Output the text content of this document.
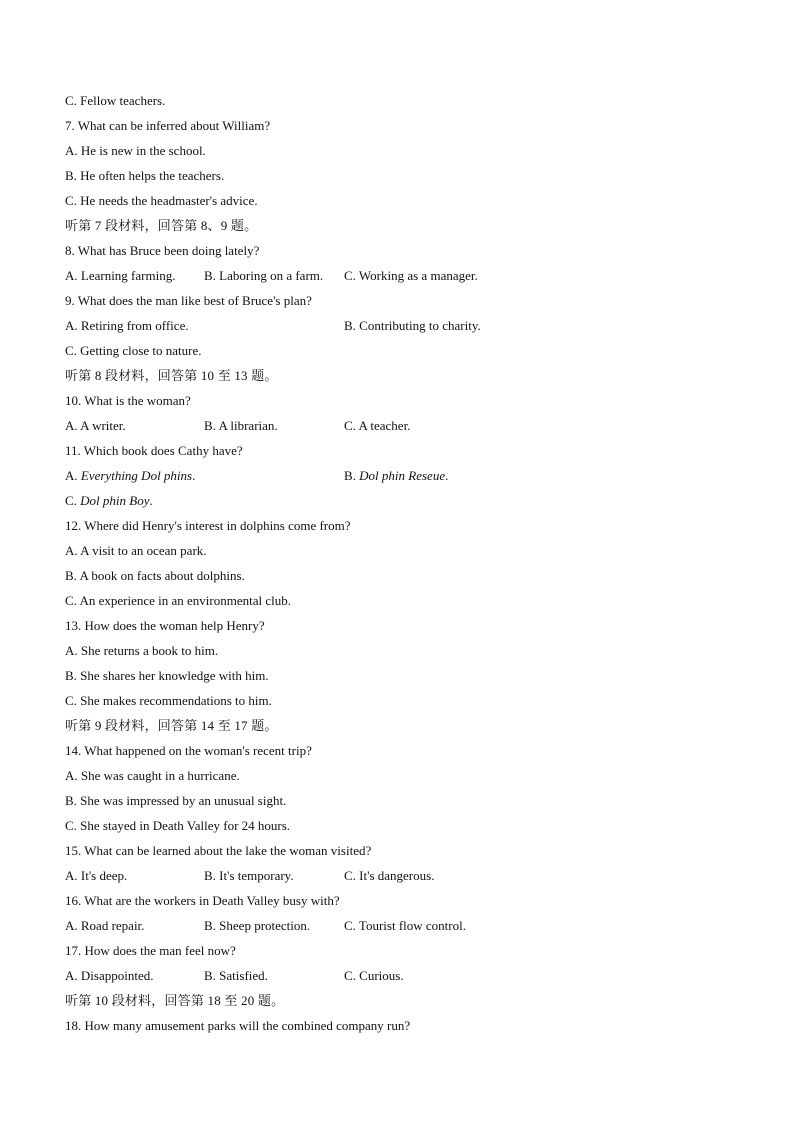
C. Fellow teachers.
7. What can be inferred about William?
A. He is new in the school.
B. He often helps the teachers.
C. He needs the headmaster's advice.
听第 7 段材料，回答第 8、9 题。
8. What has Bruce been doing lately?
A. Learning farming. B. Laboring on a farm. C. Working as a manager.
9. What does the man like best of Bruce's plan?
A. Retiring from office.	B. Contributing to charity.
C. Getting close to nature.
听第 8 段材料，回答第 10 至 13 题。
10. What is the woman?
A. A writer.	B. A librarian.	C. A teacher.
11. Which book does Cathy have?
A. Everything Dol phins.	B. Dol phin Reseue.
C. Dol phin Boy.
12. Where did Henry's interest in dolphins come from?
A. A visit to an ocean park.
B. A book on facts about dolphins.
C. An experience in an environmental club.
13. How does the woman help Henry?
A. She returns a book to him.
B. She shares her knowledge with him.
C. She makes recommendations to him.
听第 9 段材料，回答第 14 至 17 题。
14. What happened on the woman's recent trip?
A. She was caught in a hurricane.
B. She was impressed by an unusual sight.
C. She stayed in Death Valley for 24 hours.
15. What can be learned about the lake the woman visited?
A. It's deep.	B. It's temporary.	C. It's dangerous.
16. What are the workers in Death Valley busy with?
A. Road repair.	B. Sheep protection.	C. Tourist flow control.
17. How does the man feel now?
A. Disappointed.	B. Satisfied.	C. Curious.
听第 10 段材料，回答第 18 至 20 题。
18. How many amusement parks will the combined company run?
